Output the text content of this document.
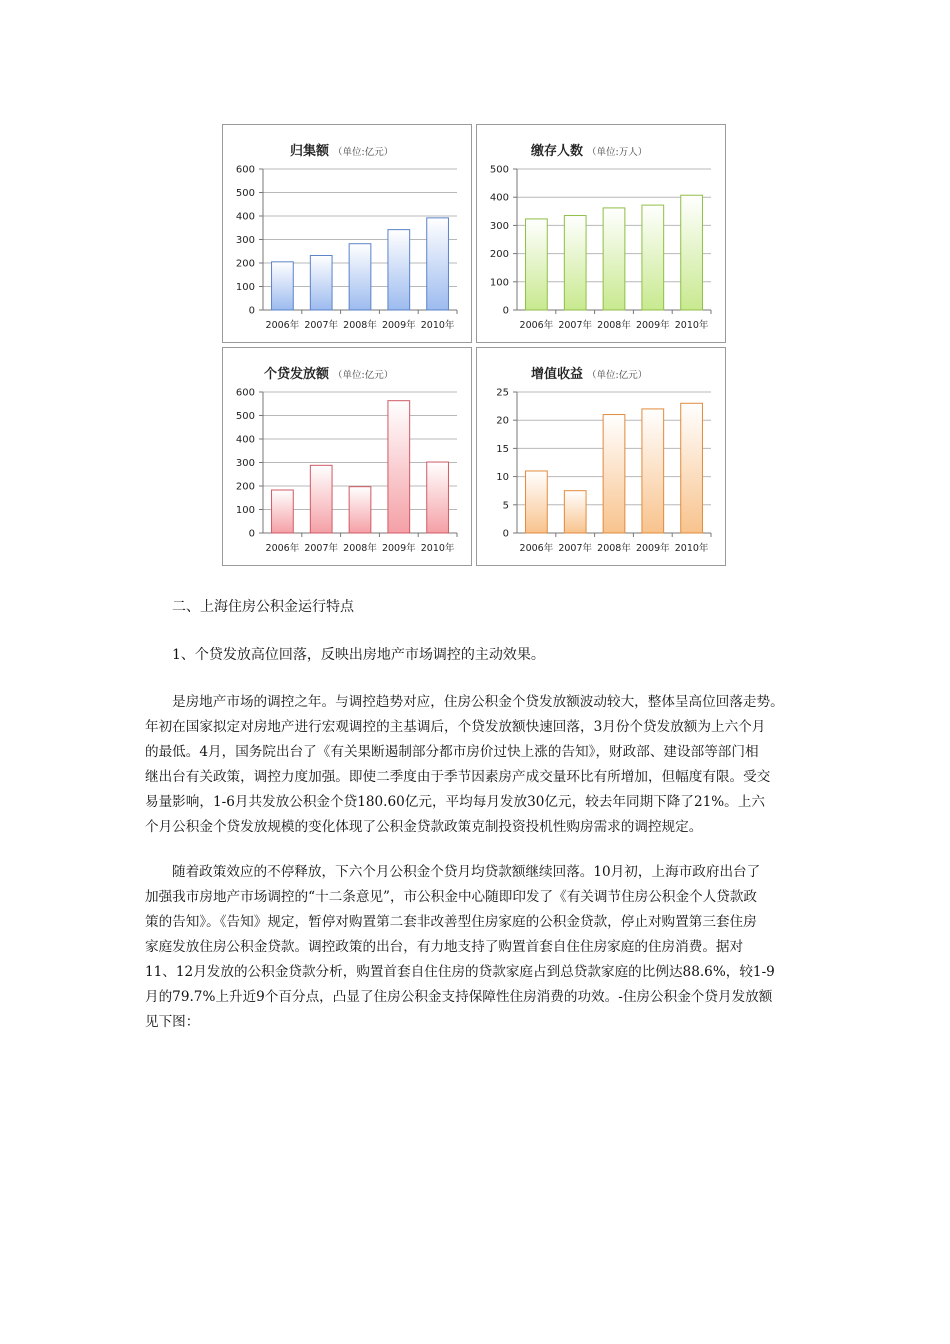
归集额 （单位:亿元）
0
100
200
300
400
500
600
2006年 2007年 2008年 2009年 2010年
缴存人数 （单位:万人）
0
100
200
300
400
500
2006年 2007年 2008年 2009年 2010年
个贷发放额 （单位:亿元）
0
100
200
300
400
500
600
2006年 2007年 2008年 2009年 2010年
增值收益 （单位:亿元）
0
5
10
15
20
25
2006年 2007年 2008年 2009年 2010年

二、上海住房公积金运行特点

1、个贷发放高位回落，反映出房地产市场调控的主动效果。

是房地产市场的调控之年。与调控趋势对应，住房公积金个贷发放额波动较大，整体呈高位回落走势。
年初在国家拟定对房地产进行宏观调控的主基调后，个贷发放额快速回落，3月份个贷发放额为上六个月
的最低。4月，国务院出台了《有关果断遏制部分都市房价过快上涨的告知》，财政部、建设部等部门相
继出台有关政策，调控力度加强。即使二季度由于季节因素房产成交量环比有所增加，但幅度有限。受交
易量影响，1-6月共发放公积金个贷180.60亿元，平均每月发放30亿元，较去年同期下降了21%。上六
个月公积金个贷发放规模的变化体现了公积金贷款政策克制投资投机性购房需求的调控规定。

随着政策效应的不停释放，下六个月公积金个贷月均贷款额继续回落。10月初，上海市政府出台了
加强我市房地产市场调控的“十二条意见”，市公积金中心随即印发了《有关调节住房公积金个人贷款政
策的告知》。《告知》规定，暂停对购置第二套非改善型住房家庭的公积金贷款，停止对购置第三套住房
家庭发放住房公积金贷款。调控政策的出台，有力地支持了购置首套自住住房家庭的住房消费。据对
11、12月发放的公积金贷款分析，购置首套自住住房的贷款家庭占到总贷款家庭的比例达88.6%，较1-9
月的79.7%上升近9个百分点，凸显了住房公积金支持保障性住房消费的功效。-住房公积金个贷月发放额
见下图：
